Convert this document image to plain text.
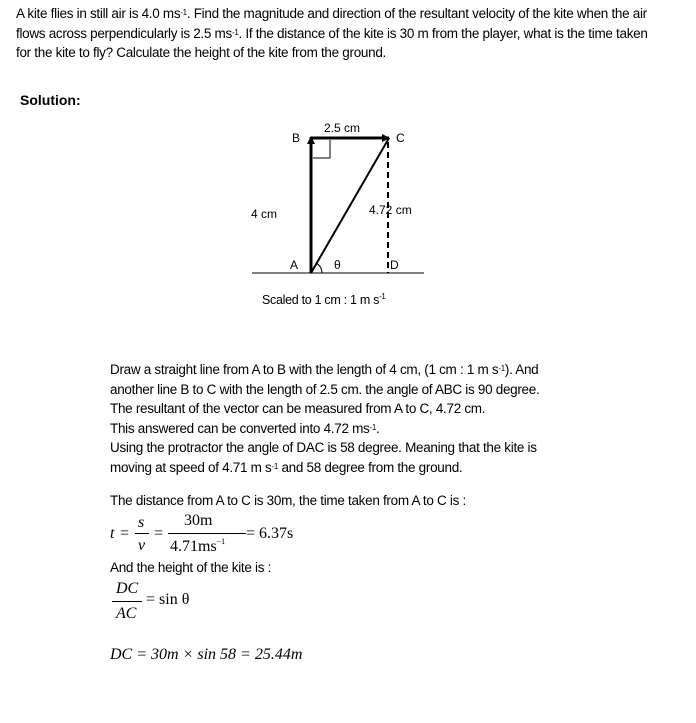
A kite flies in still air is 4.0 $ms^{-1}$. Find the magnitude and direction of the resultant velocity of the kite when the air
flows across perpendicularly is 2.5 $ms^{-1}$. If the distance of the kite is 30 m from the player, what is the time taken
for the kite to fly? Calculate the height of the kite from the ground.
Solution:
B	C
A	D
θ
2.5 cm
4 cm	4.72 cm
Scaled to 1 cm : 1 m $s^{-1}$
Draw a straight line from A to B with the length of 4 cm, (1 cm : 1 m $s^{-1}$). And
another line B to C with the length of 2.5 cm. the angle of ABC is 90 degree.
The resultant of the vector can be measured from A to C, 4.72 cm.
This answered can be converted into 4.72 $ms^{-1}$.
Using the protractor the angle of DAC is 58 degree. Meaning that the kite is
moving at speed of 4.71 m $s^{-1}$ and 58 degree from the ground.
The distance from A to C is 30m, the time taken from A to C is :
t =
s
v
=
30m
$4.71ms^{-1} = 6.37s$
And the height of the kite is :
DC
AC
= sin θ
DC = 30m × sin 58 = 25.44m
